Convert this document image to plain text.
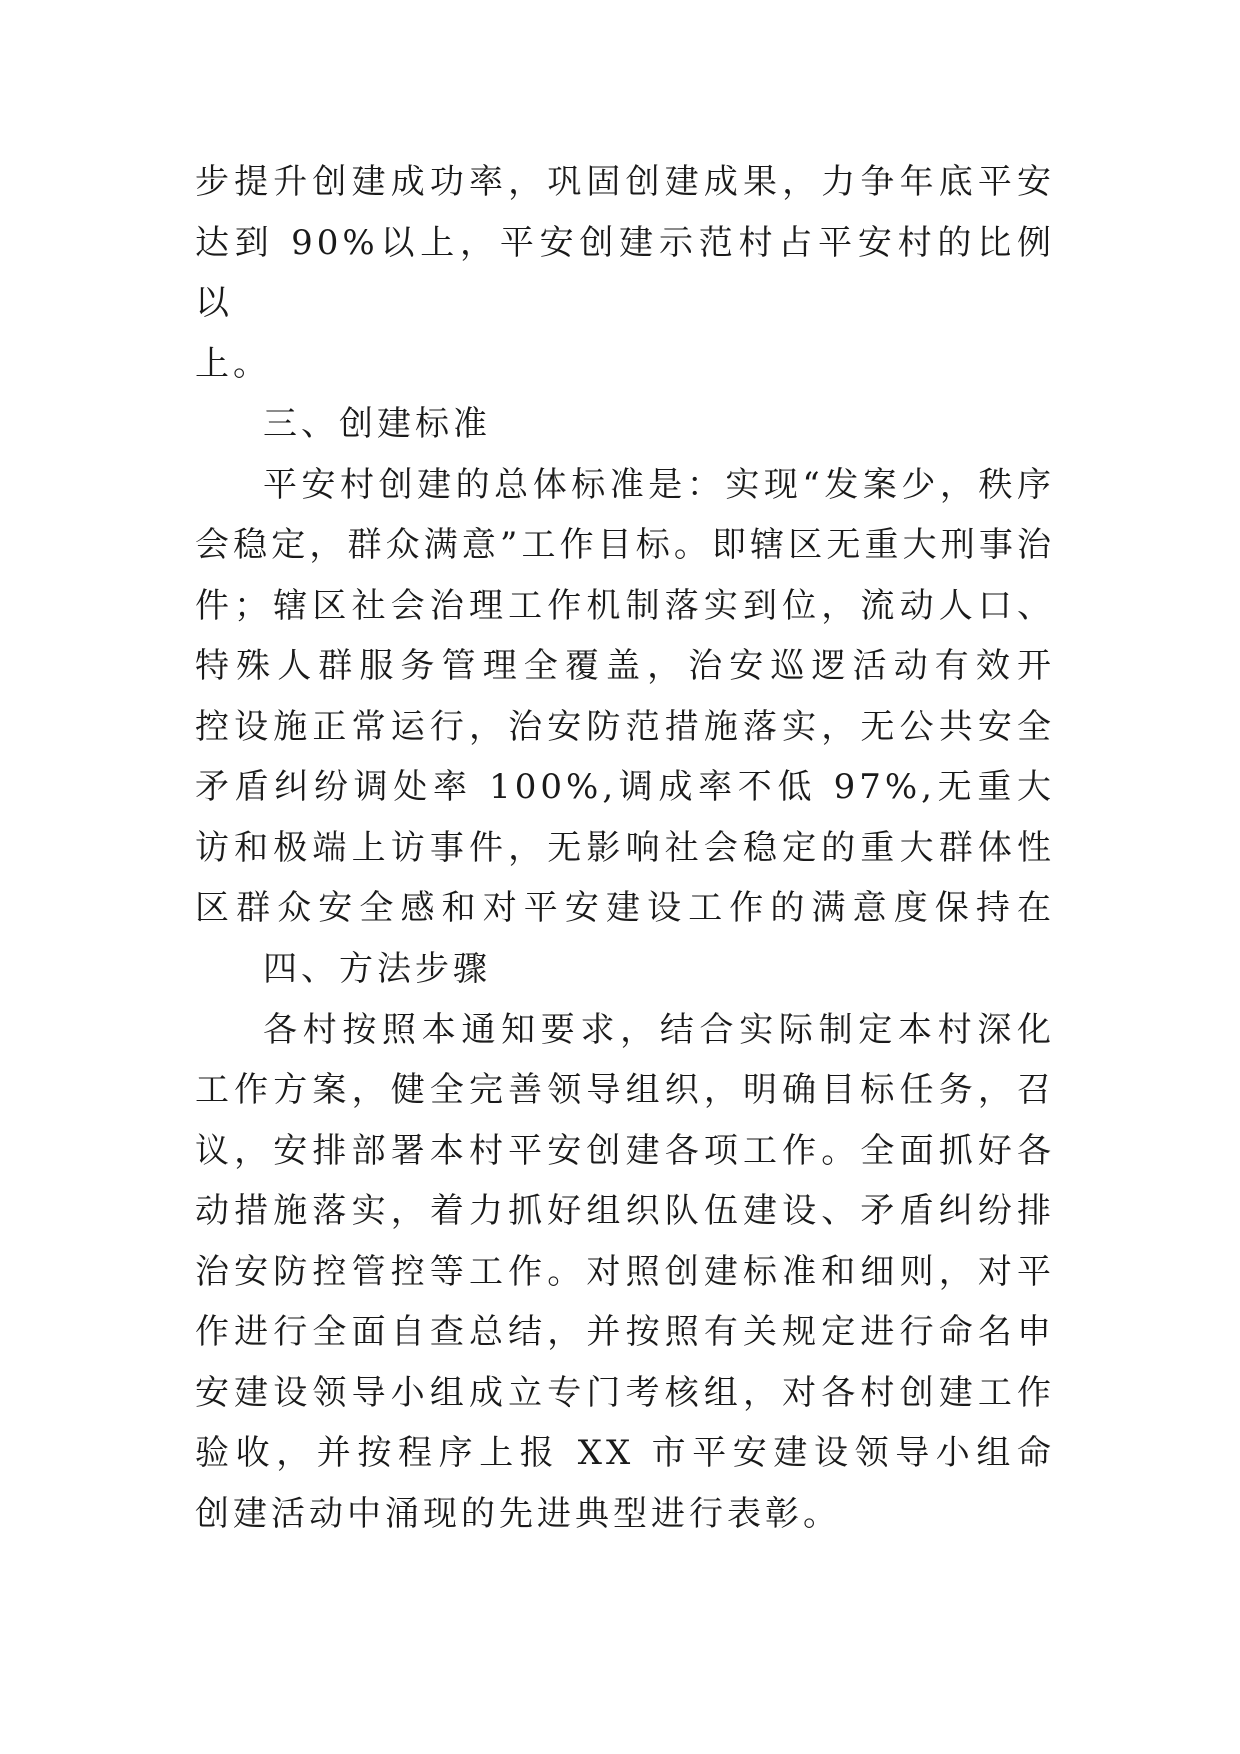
步提升创建成功率，巩固创建成果，力争年底平安
达到 90%以上，平安创建示范村占平安村的比例
以
上。

三、创建标准

平安村创建的总体标准是：实现“发案少，秩序
会稳定，群众满意”工作目标。即辖区无重大刑事治
件；辖区社会治理工作机制落实到位，流动人口、
特殊人群服务管理全覆盖，治安巡逻活动有效开
控设施正常运行，治安防范措施落实，无公共安全
矛盾纠纷调处率 100%,调成率不低 97%,无重大
访和极端上访事件，无影响社会稳定的重大群体性
区群众安全感和对平安建设工作的满意度保持在

四、方法步骤

各村按照本通知要求，结合实际制定本村深化
工作方案，健全完善领导组织，明确目标任务，召
议，安排部署本村平安创建各项工作。全面抓好各
动措施落实，着力抓好组织队伍建设、矛盾纠纷排
治安防控管控等工作。对照创建标准和细则，对平
作进行全面自查总结，并按照有关规定进行命名申
安建设领导小组成立专门考核组，对各村创建工作
验收，并按程序上报 XX 市平安建设领导小组命
创建活动中涌现的先进典型进行表彰。
